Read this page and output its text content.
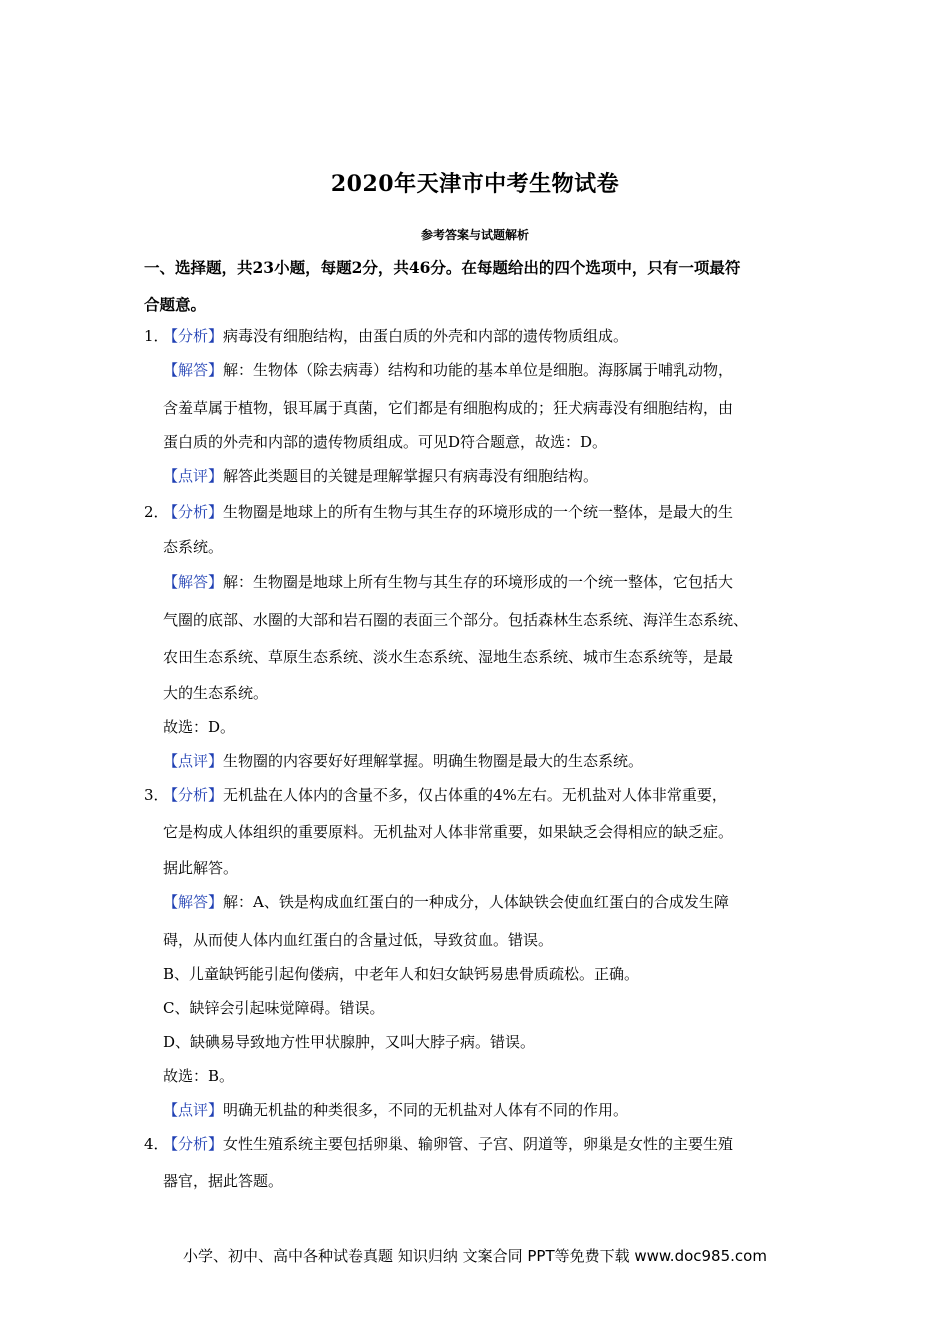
2020年天津市中考生物试卷
参考答案与试题解析
一、选择题，共23小题，每题2分，共46分。在每题给出的四个选项中，只有一项最符
合题意。
1．
【分析】病毒没有细胞结构，由蛋白质的外壳和内部的遗传物质组成。
【解答】解：生物体（除去病毒）结构和功能的基本单位是细胞。海豚属于哺乳动物，
含羞草属于植物，银耳属于真菌，它们都是有细胞构成的；狂犬病毒没有细胞结构，由
蛋白质的外壳和内部的遗传物质组成。可见D符合题意，故选：D。
【点评】解答此类题目的关键是理解掌握只有病毒没有细胞结构。
2．
【分析】生物圈是地球上的所有生物与其生存的环境形成的一个统一整体，是最大的生
态系统。
【解答】解：生物圈是地球上所有生物与其生存的环境形成的一个统一整体，它包括大
气圈的底部、水圈的大部和岩石圈的表面三个部分。包括森林生态系统、海洋生态系统、
农田生态系统、草原生态系统、淡水生态系统、湿地生态系统、城市生态系统等，是最
大的生态系统。
故选：D。
【点评】生物圈的内容要好好理解掌握。明确生物圈是最大的生态系统。
3．
【分析】无机盐在人体内的含量不多，仅占体重的4%左右。无机盐对人体非常重要，
它是构成人体组织的重要原料。无机盐对人体非常重要，如果缺乏会得相应的缺乏症。
据此解答。
【解答】解：A、铁是构成血红蛋白的一种成分，人体缺铁会使血红蛋白的合成发生障
碍，从而使人体内血红蛋白的含量过低，导致贫血。错误。
B、儿童缺钙能引起佝偻病，中老年人和妇女缺钙易患骨质疏松。正确。
C、缺锌会引起味觉障碍。错误。
D、缺碘易导致地方性甲状腺肿，又叫大脖子病。错误。
故选：B。
【点评】明确无机盐的种类很多，不同的无机盐对人体有不同的作用。
4．
【分析】女性生殖系统主要包括卵巢、输卵管、子宫、阴道等，卵巢是女性的主要生殖
器官，据此答题。
小学、初中、高中各种试卷真题 知识归纳 文案合同 PPT等免费下载 www.doc985.com
